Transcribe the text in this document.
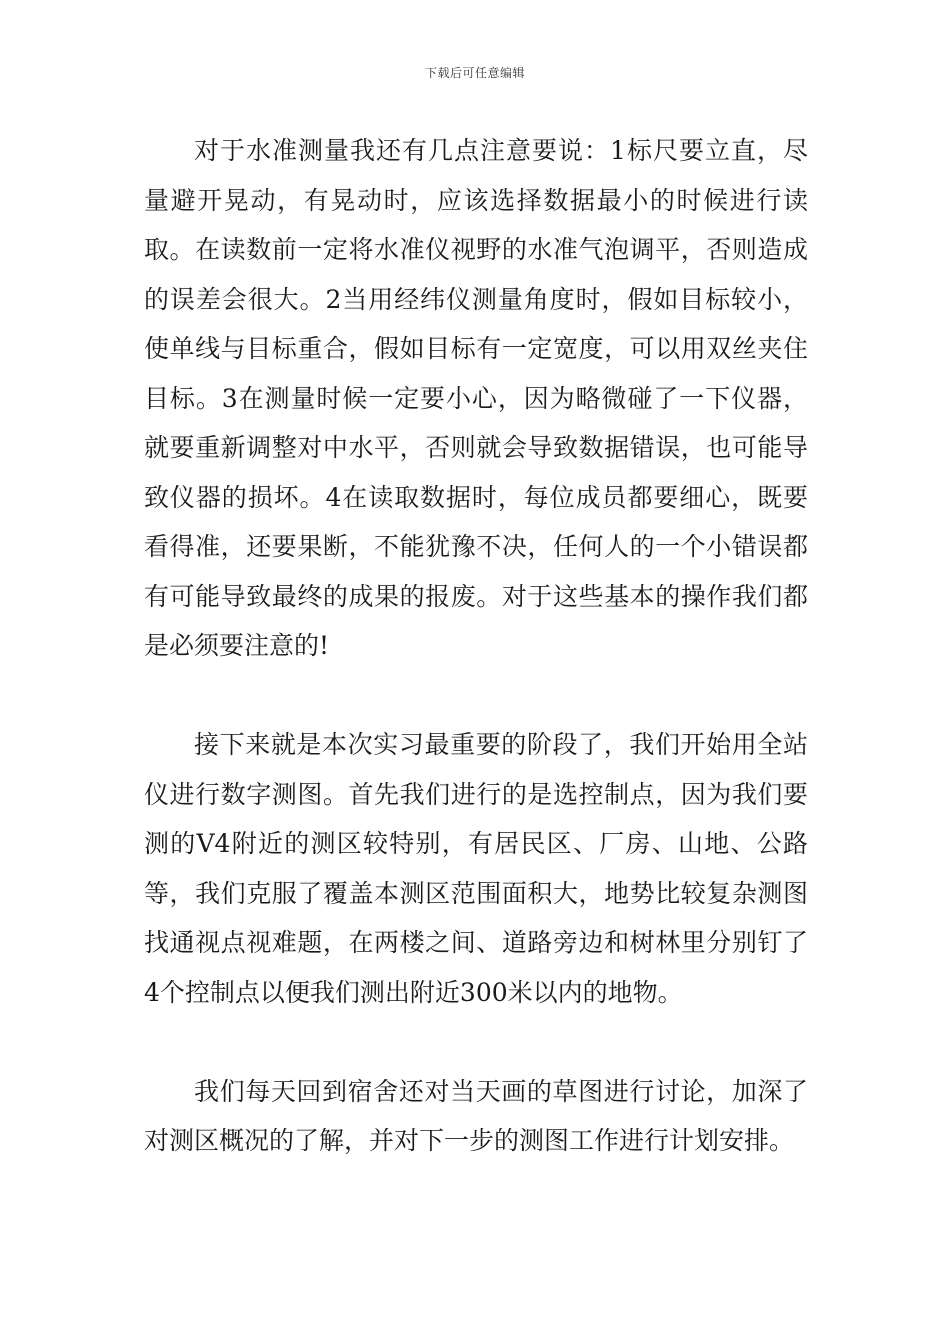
下载后可任意编辑

对于水准测量我还有几点注意要说：1标尺要立直，尽量避开晃动，有晃动时，应该选择数据最小的时候进行读取。在读数前一定将水准仪视野的水准气泡调平，否则造成的误差会很大。2当用经纬仪测量角度时，假如目标较小，使单线与目标重合，假如目标有一定宽度，可以用双丝夹住目标。3在测量时候一定要小心，因为略微碰了一下仪器，就要重新调整对中水平，否则就会导致数据错误，也可能导致仪器的损坏。4在读取数据时，每位成员都要细心，既要看得准，还要果断，不能犹豫不决，任何人的一个小错误都有可能导致最终的成果的报废。对于这些基本的操作我们都是必须要注意的!

接下来就是本次实习最重要的阶段了，我们开始用全站仪进行数字测图。首先我们进行的是选控制点，因为我们要测的V4附近的测区较特别，有居民区、厂房、山地、公路等，我们克服了覆盖本测区范围面积大，地势比较复杂测图找通视点视难题，在两楼之间、道路旁边和树林里分别钉了4个控制点以便我们测出附近300米以内的地物。

我们每天回到宿舍还对当天画的草图进行讨论，加深了对测区概况的了解，并对下一步的测图工作进行计划安排。
